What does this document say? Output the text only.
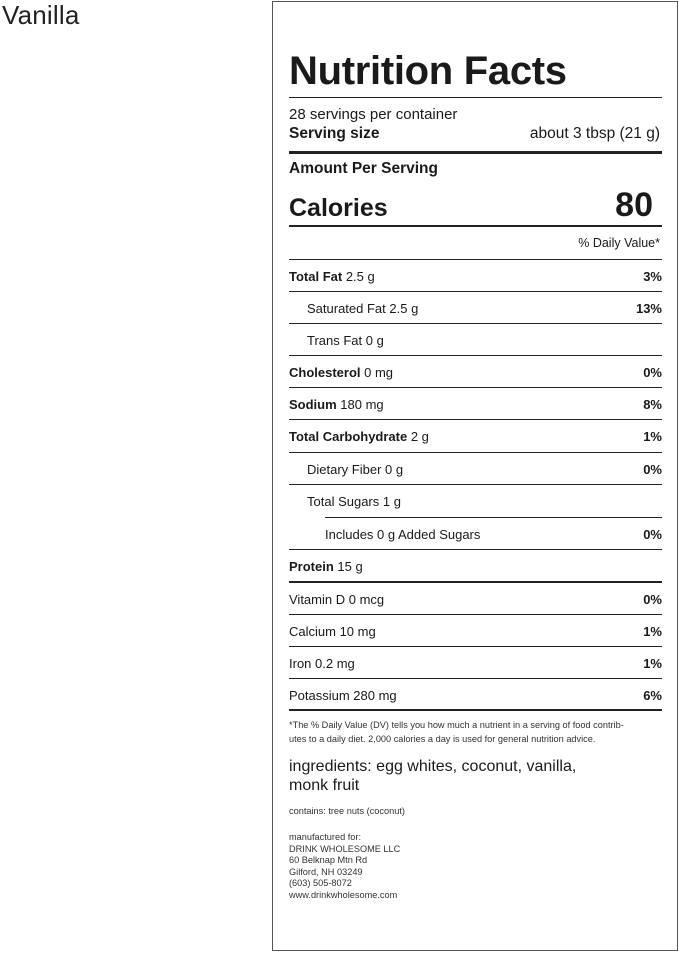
Vanilla
Nutrition Facts
28 servings per container
Serving size	about 3 tbsp (21 g)
Amount Per Serving
Calories	80
% Daily Value*
Total Fat 2.5 g	3%
Saturated Fat 2.5 g	13%
Trans Fat 0 g
Cholesterol 0 mg	0%
Sodium 180 mg	8%
Total Carbohydrate 2 g	1%
Dietary Fiber 0 g	0%
Total Sugars 1 g
Includes 0 g Added Sugars	0%
Protein 15 g
Vitamin D 0 mcg	0%
Calcium 10 mg	1%
Iron 0.2 mg	1%
Potassium 280 mg	6%
*The % Daily Value (DV) tells you how much a nutrient in a serving of food contrib-
utes to a daily diet. 2,000 calories a day is used for general nutrition advice.
ingredients: egg whites, coconut, vanilla,
monk fruit
contains: tree nuts (coconut)
manufactured for:
DRINK WHOLESOME LLC
60 Belknap Mtn Rd
Gilford, NH 03249
(603) 505-8072
www.drinkwholesome.com
